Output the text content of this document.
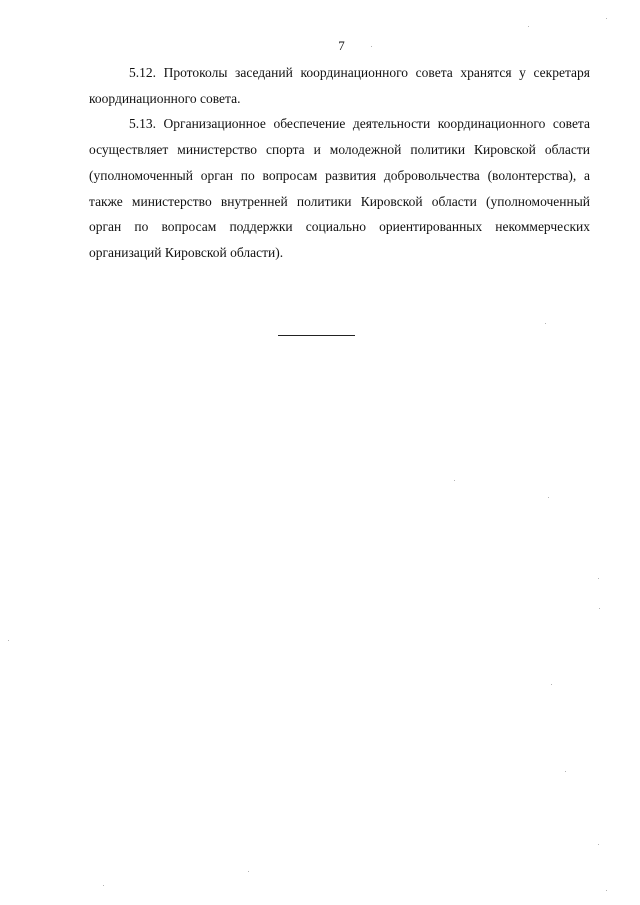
7

5.12. Протоколы заседаний координационного совета хранятся у секретаря координационного совета.

5.13. Организационное обеспечение деятельности координационного совета осуществляет министерство спорта и молодежной политики Кировской области (уполномоченный орган по вопросам развития добровольчества (волонтерства), а также министерство внутренней политики Кировской области (уполномоченный орган по вопросам поддержки социально ориентированных некоммерческих организаций Кировской области).
